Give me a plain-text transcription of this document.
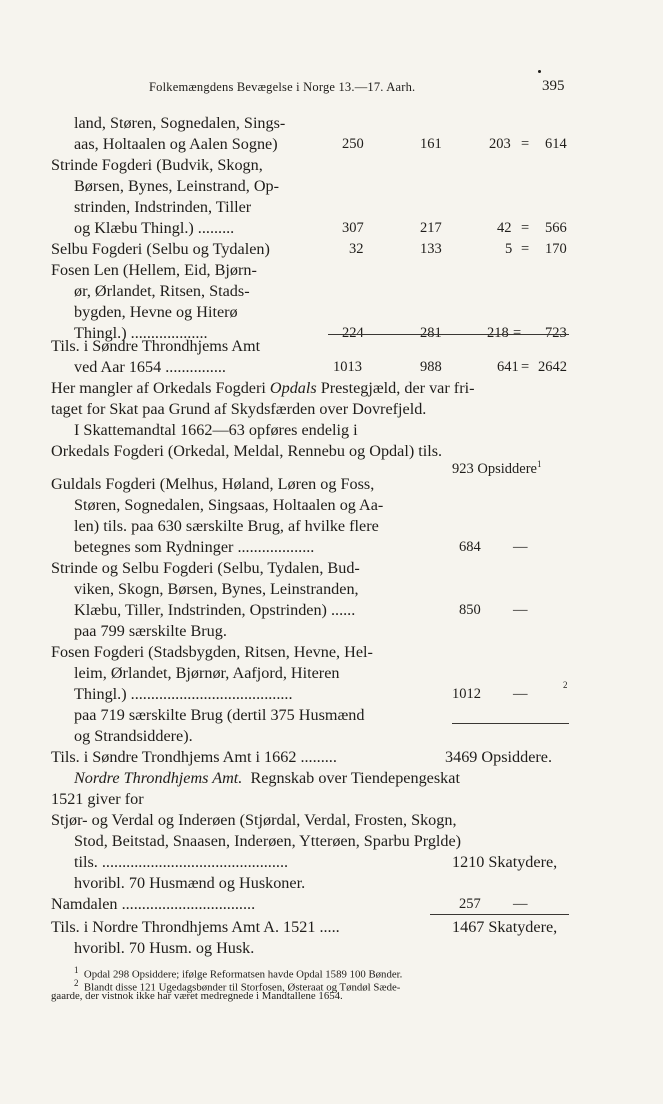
Folkemængdens Bevægelse i Norge 13.—17. Aarh.	395
land, Støren, Sognedalen, Sings-
aas, Holtaalen og Aalen Sogne)	250	161	203 = 614
Strinde Fogderi (Budvik, Skogn,
Børsen, Bynes, Leinstrand, Op-
strinden, Indstrinden, Tiller
og Klæbu Thingl.) .........	307	217	42 = 566
Selbu Fogderi (Selbu og Tydalen)	32	133	5 = 170
Fosen Len (Hellem, Eid, Bjørn-
ør, Ørlandet, Ritsen, Stads-
bygden, Hevne og Hiterø
Thingl.) ...................	224	281	218 = 723
Tils. i Søndre Throndhjems Amt
ved Aar 1654 ...............	1013	988	641 = 2642
Her mangler af Orkedals Fogderi Opdals Prestegjæld, der var fri-
taget for Skat paa Grund af Skydsfærden over Dovrefjeld.
I Skattemandtal 1662—63 opføres endelig i
Orkedals Fogderi (Orkedal, Meldal, Rennebu og Opdal) tils.
923 Opsiddere$^1$
Guldals Fogderi (Melhus, Høland, Løren og Foss,
Støren, Sognedalen, Singsaas, Holtaalen og Aa-
len) tils. paa 630 særskilte Brug, af hvilke flere
betegnes som Rydninger ...................	684 —
Strinde og Selbu Fogderi (Selbu, Tydalen, Bud-
viken, Skogn, Børsen, Bynes, Leinstranden,
Klæbu, Tiller, Indstrinden, Opstrinden) ......	850 —
paa 799 særskilte Brug.
Fosen Fogderi (Stadsbygden, Ritsen, Hevne, Hel-
leim, Ørlandet, Bjørnør, Aafjord, Hiteren
Thingl.) ........................................	1012 —
2
paa 719 særskilte Brug (dertil 375 Husmænd
og Strandsiddere).
Tils. i Søndre Trondhjems Amt i 1662 .........	3469 Opsiddere.
Nordre Throndhjems Amt. Regnskab over Tiendepengeskat
1521 giver for
Stjør- og Verdal og Inderøen (Stjørdal, Verdal, Frosten, Skogn,
Stod, Beitstad, Snaasen, Inderøen, Ytterøen, Sparbu Prglde)
tils. ..............................................	1210 Skatydere,
hvoribl. 70 Husmænd og Huskoner.
Namdalen .................................	257 —
Tils. i Nordre Throndhjems Amt A. 1521 .....	1467 Skatydere,
hvoribl. 70 Husm. og Husk.
$^1$ Opdal 298 Opsiddere; ifølge Reformatsen havde Opdal 1589 100 Bønder.
$^2$ Blandt disse 121 Ugedagsbønder til Storfosen, Østeraat og Tøndøl Sæde-
gaarde, der vistnok ikke har været medregnede i Mandtallene 1654.
